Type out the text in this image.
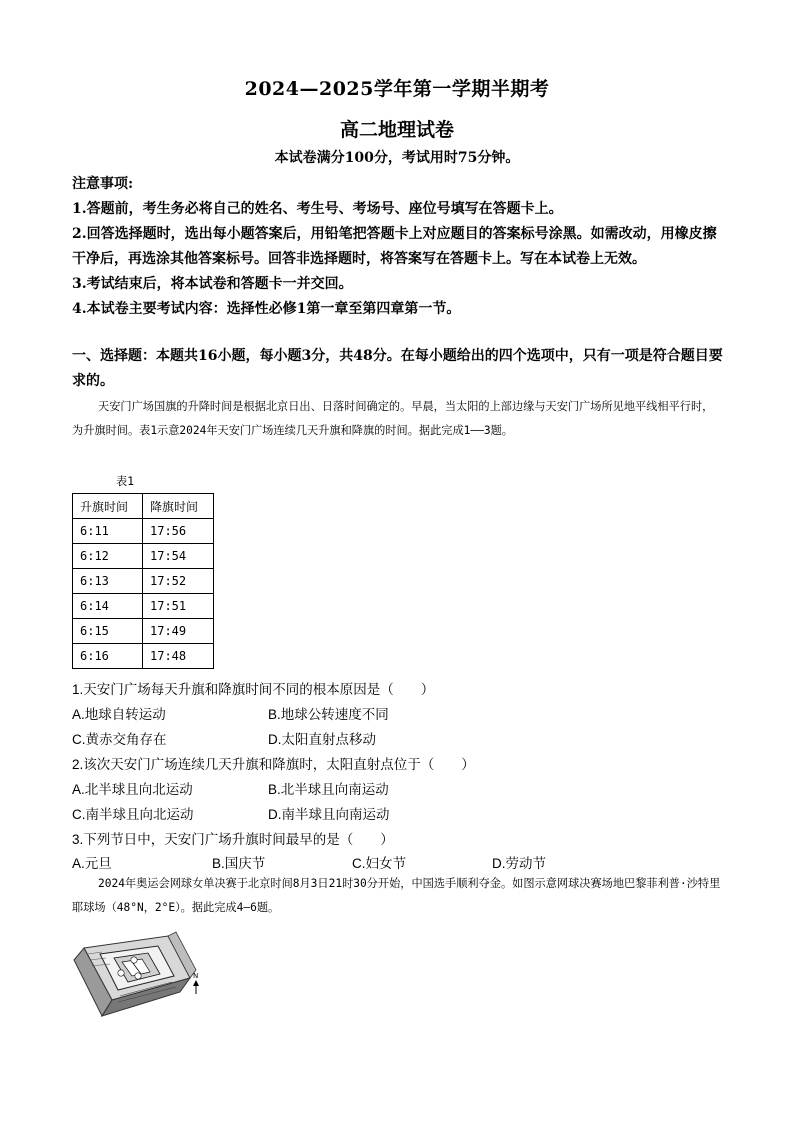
2024—2025学年第一学期半期考
高二地理试卷
本试卷满分100分，考试用时75分钟。

注意事项:

1.答题前，考生务必将自己的姓名、考生号、考场号、座位号填写在答题卡上。

2.回答选择题时，选出每小题答案后，用铅笔把答题卡上对应题目的答案标号涂黑。如需改动，用橡皮擦干净后，再选涂其他答案标号。回答非选择题时，将答案写在答题卡上。写在本试卷上无效。

3.考试结束后，将本试卷和答题卡一并交回。

4.本试卷主要考试内容：选择性必修1第一章至第四章第一节。

一、选择题：本题共16小题，每小题3分，共48分。在每小题给出的四个选项中，只有一项是符合题目要求的。

天安门广场国旗的升降时间是根据北京日出、日落时间确定的。早晨，当太阳的上部边缘与天安门广场所见地平线相平行时，为升旗时间。表1示意2024年天安门广场连续几天升旗和降旗的时间。据此完成1——3题。

表1

升旗时间	降旗时间
6:11	17:56
6:12	17:54
6:13	17:52
6:14	17:51
6:15	17:49
6:16	17:48

1.天安门广场每天升旗和降旗时间不同的根本原因是（　　）

A.地球自转运动	B.地球公转速度不同

C.黄赤交角存在	D.太阳直射点移动

2.该次天安门广场连续几天升旗和降旗时，太阳直射点位于（　　）

A.北半球且向北运动	B.北半球且向南运动

C.南半球且向北运动	D.南半球且向南运动

3.下列节日中，天安门广场升旗时间最早的是（　　）

A.元旦	B.国庆节	C.妇女节	D.劳动节

2024年奥运会网球女单决赛于北京时间8月3日21时30分开始，中国选手顺利夺金。如图示意网球决赛场地巴黎菲利普·沙特里耶球场（48°N，2°E）。据此完成4—6题。

N
